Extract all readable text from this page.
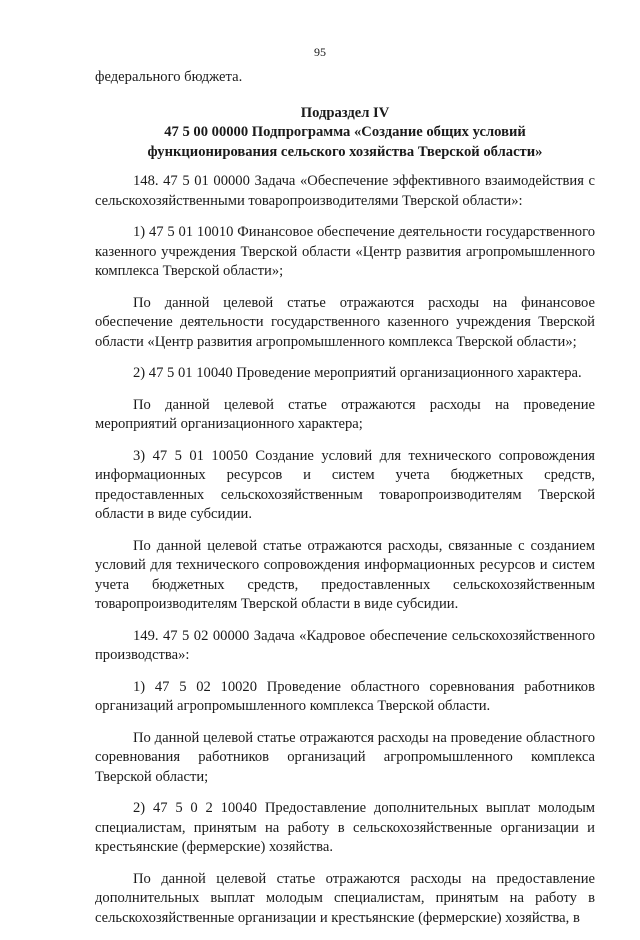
95

федерального бюджета.

Подраздел IV
47 5 00 00000 Подпрограмма «Создание общих условий
функционирования сельского хозяйства Тверской области»

148. 47 5 01 00000 Задача «Обеспечение эффективного взаимодействия с сельскохозяйственными товаропроизводителями Тверской области»:

1) 47 5 01 10010 Финансовое обеспечение деятельности государственного казенного учреждения Тверской области «Центр развития агропромышленного комплекса Тверской области»;

По данной целевой статье отражаются расходы на финансовое обеспечение деятельности государственного казенного учреждения Тверской области «Центр развития агропромышленного комплекса Тверской области»;

2) 47 5 01 10040 Проведение мероприятий организационного характера.

По данной целевой статье отражаются расходы на проведение мероприятий организационного характера;

3) 47 5 01 10050 Создание условий для технического сопровождения информационных ресурсов и систем учета бюджетных средств, предоставленных сельскохозяйственным товаропроизводителям Тверской области в виде субсидии.

По данной целевой статье отражаются расходы, связанные с созданием условий для технического сопровождения информационных ресурсов и систем учета бюджетных средств, предоставленных сельскохозяйственным товаропроизводителям Тверской области в виде субсидии.

149. 47 5 02 00000 Задача «Кадровое обеспечение сельскохозяйственного производства»:

1) 47 5 02 10020 Проведение областного соревнования работников организаций агропромышленного комплекса Тверской области.

По данной целевой статье отражаются расходы на проведение областного соревнования работников организаций агропромышленного комплекса Тверской области;

2) 47 5 0 2 10040 Предоставление дополнительных выплат молодым специалистам, принятым на работу в сельскохозяйственные организации и крестьянские (фермерские) хозяйства.

По данной целевой статье отражаются расходы на предоставление дополнительных выплат молодым специалистам, принятым на работу в сельскохозяйственные организации и крестьянские (фермерские) хозяйства, в
